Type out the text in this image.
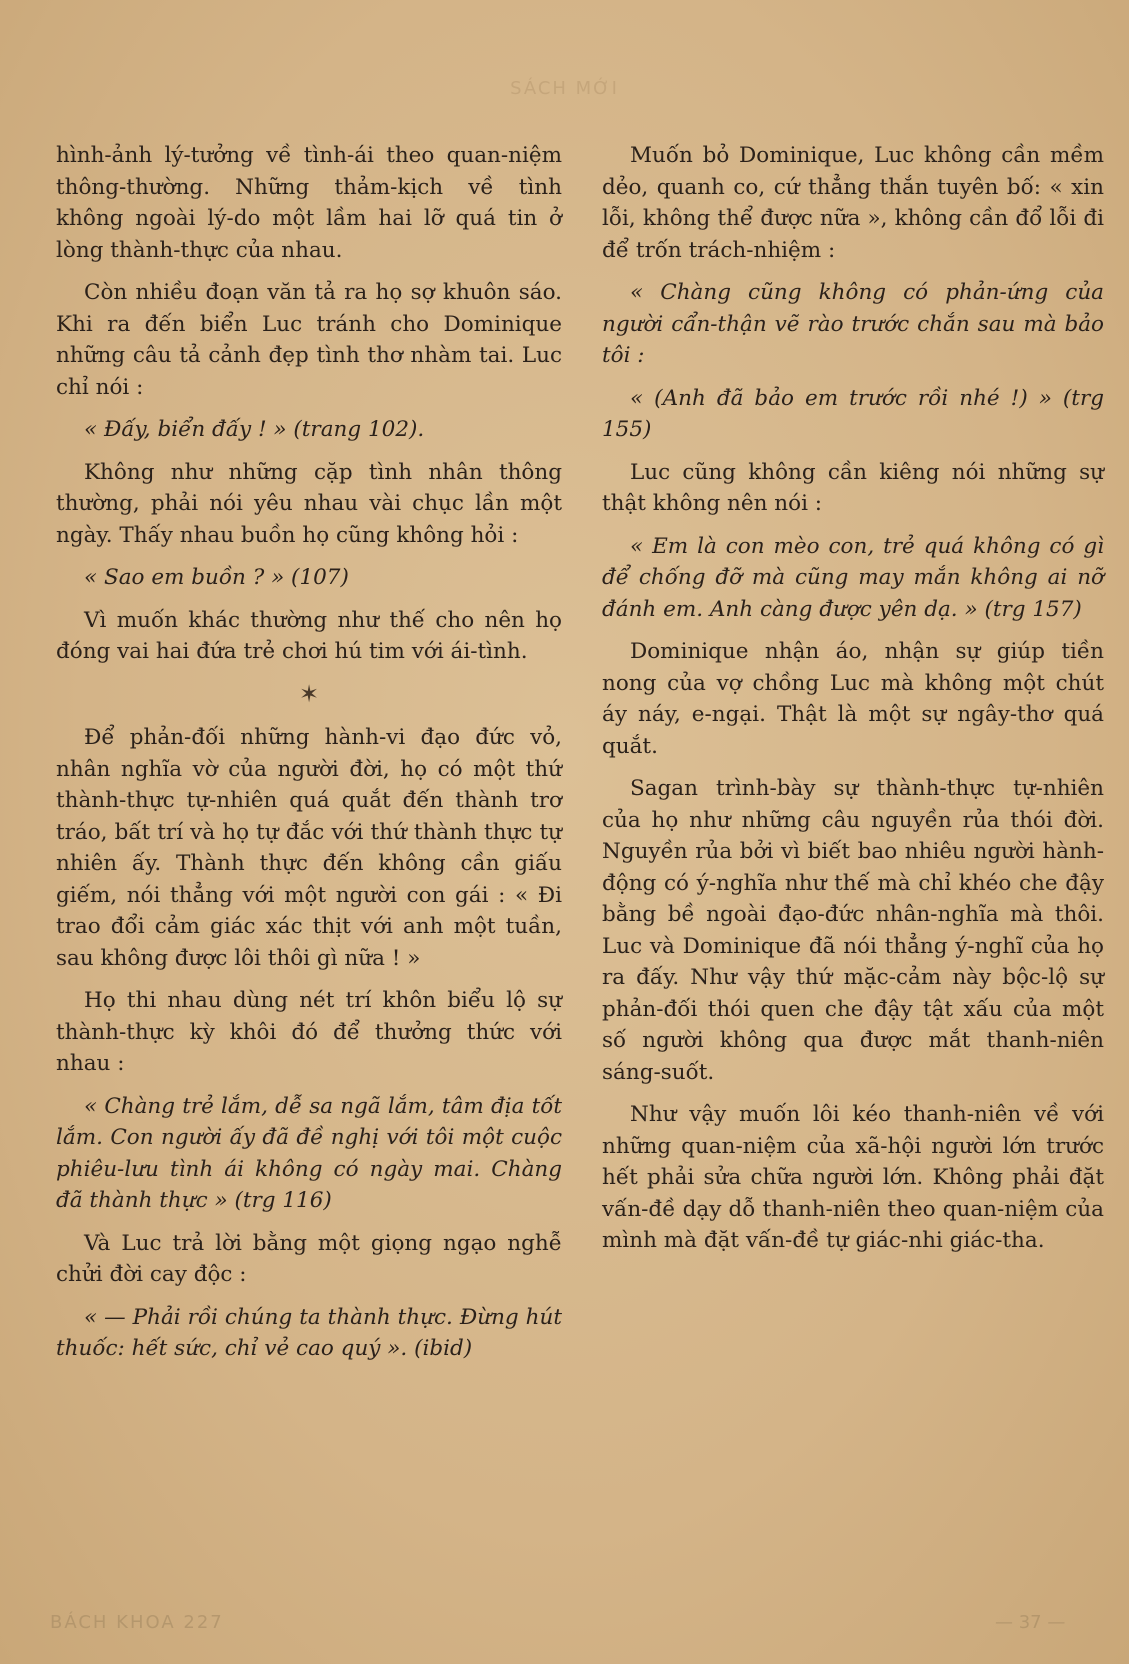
SÁCH MỚI

hình-ảnh lý-tưởng về tình-ái theo quan-niệm thông-thường. Những thảm-kịch về tình không ngoài lý-do một lầm hai lỡ quá tin ở lòng thành-thực của nhau.

Còn nhiều đoạn văn tả ra họ sợ khuôn sáo. Khi ra đến biển Luc tránh cho Dominique những câu tả cảnh đẹp tình thơ nhàm tai. Luc chỉ nói :

« Đấy, biển đấy ! » (trang 102).

Không như những cặp tình nhân thông thường, phải nói yêu nhau vài chục lần một ngày. Thấy nhau buồn họ cũng không hỏi :

« Sao em buồn ? » (107)

Vì muốn khác thường như thế cho nên họ đóng vai hai đứa trẻ chơi hú tim với ái-tình.

✶

Để phản-đối những hành-vi đạo đức vỏ, nhân nghĩa vờ của người đời, họ có một thứ thành-thực tự-nhiên quá quắt đến thành trơ tráo, bất trí và họ tự đắc với thứ thành thực tự nhiên ấy. Thành thực đến không cần giấu giếm, nói thẳng với một người con gái : « Đi trao đổi cảm giác xác thịt với anh một tuần, sau không được lôi thôi gì nữa ! »

Họ thi nhau dùng nét trí khôn biểu lộ sự thành-thực kỳ khôi đó để thưởng thức với nhau :

« Chàng trẻ lắm, dễ sa ngã lắm, tâm địa tốt lắm. Con người ấy đã đề nghị với tôi một cuộc phiêu-lưu tình ái không có ngày mai. Chàng đã thành thực » (trg 116)

Và Luc trả lời bằng một giọng ngạo nghễ chửi đời cay độc :

« — Phải rồi chúng ta thành thực. Đừng hút thuốc: hết sức, chỉ vẻ cao quý ». (ibid)

Muốn bỏ Dominique, Luc không cần mềm dẻo, quanh co, cứ thẳng thắn tuyên bố: « xin lỗi, không thể được nữa », không cần đổ lỗi đi để trốn trách-nhiệm :

« Chàng cũng không có phản-ứng của người cẩn-thận vẽ rào trước chắn sau mà bảo tôi :

« (Anh đã bảo em trước rồi nhé !) » (trg 155)

Luc cũng không cần kiêng nói những sự thật không nên nói :

« Em là con mèo con, trẻ quá không có gì để chống đỡ mà cũng may mắn không ai nỡ đánh em. Anh càng được yên dạ. » (trg 157)

Dominique nhận áo, nhận sự giúp tiền nong của vợ chồng Luc mà không một chút áy náy, e-ngại. Thật là một sự ngây-thơ quá quắt.

Sagan trình-bày sự thành-thực tự-nhiên của họ như những câu nguyền rủa thói đời. Nguyền rủa bởi vì biết bao nhiêu người hành-động có ý-nghĩa như thế mà chỉ khéo che đậy bằng bề ngoài đạo-đức nhân-nghĩa mà thôi. Luc và Dominique đã nói thẳng ý-nghĩ của họ ra đấy. Như vậy thứ mặc-cảm này bộc-lộ sự phản-đối thói quen che đậy tật xấu của một số người không qua được mắt thanh-niên sáng-suốt.

Như vậy muốn lôi kéo thanh-niên về với những quan-niệm của xã-hội người lớn trước hết phải sửa chữa người lớn. Không phải đặt vấn-đề dạy dỗ thanh-niên theo quan-niệm của mình mà đặt vấn-đề tự giác-nhi giác-tha.

BÁCH KHOA 227	— 37 —
